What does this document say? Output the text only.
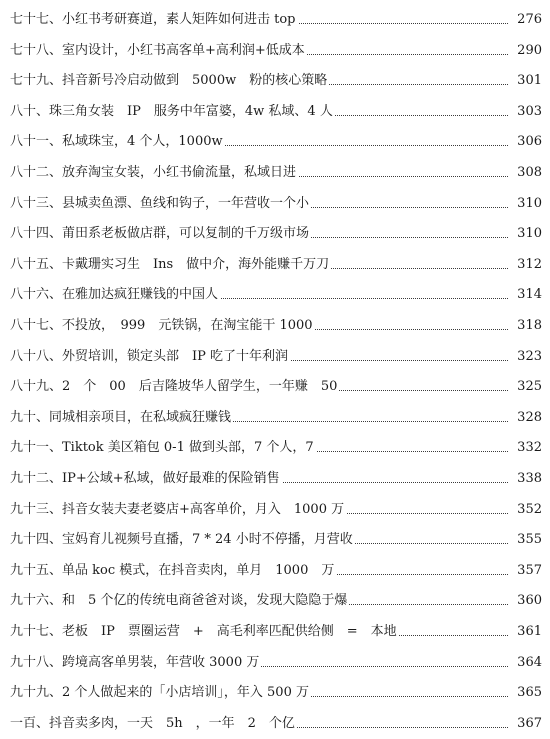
七十七、小红书考研赛道，素人矩阵如何进击 top	276
七十八、室内设计，小红书高客单+高利润+低成本	290
七十九、抖音新号冷启动做到　5000w　粉的核心策略	301
八十、珠三角女装　IP　服务中年富婆，4w 私域、4 人	303
八十一、私域珠宝，4 个人，1000w	306
八十二、放弃淘宝女装，小红书偷流量，私域日进	308
八十三、县城卖鱼漂、鱼线和钩子，一年营收一个小	310
八十四、莆田系老板做店群，可以复制的千万级市场	310
八十五、卡戴珊实习生　Ins　做中介，海外能赚千万刀	312
八十六、在雅加达疯狂赚钱的中国人	314
八十七、不投放，　999　元铁锅，在淘宝能干 1000	318
八十八、外贸培训，锁定头部　IP 吃了十年利润	323
八十九、2　个　00　后吉隆坡华人留学生，一年赚　50	325
九十、同城相亲项目，在私域疯狂赚钱	328
九十一、Tiktok 美区箱包 0-1 做到头部，7 个人，7	332
九十二、IP+公域+私域，做好最难的保险销售	338
九十三、抖音女装夫妻老婆店+高客单价，月入　1000 万	352
九十四、宝妈育儿视频号直播，7 * 24 小时不停播，月营收	355
九十五、单品 koc 模式，在抖音卖肉，单月　1000　万	357
九十六、和　5 个亿的传统电商爸爸对谈，发现大隐隐于爆	360
九十七、老板　IP　票圈运营　+　高毛利率匹配供给侧　=　本地	361
九十八、跨境高客单男装，年营收 3000 万	364
九十九、2 个人做起来的「小店培训」，年入 500 万	365
一百、抖音卖多肉，一天　5h　，一年　2　个亿	367
